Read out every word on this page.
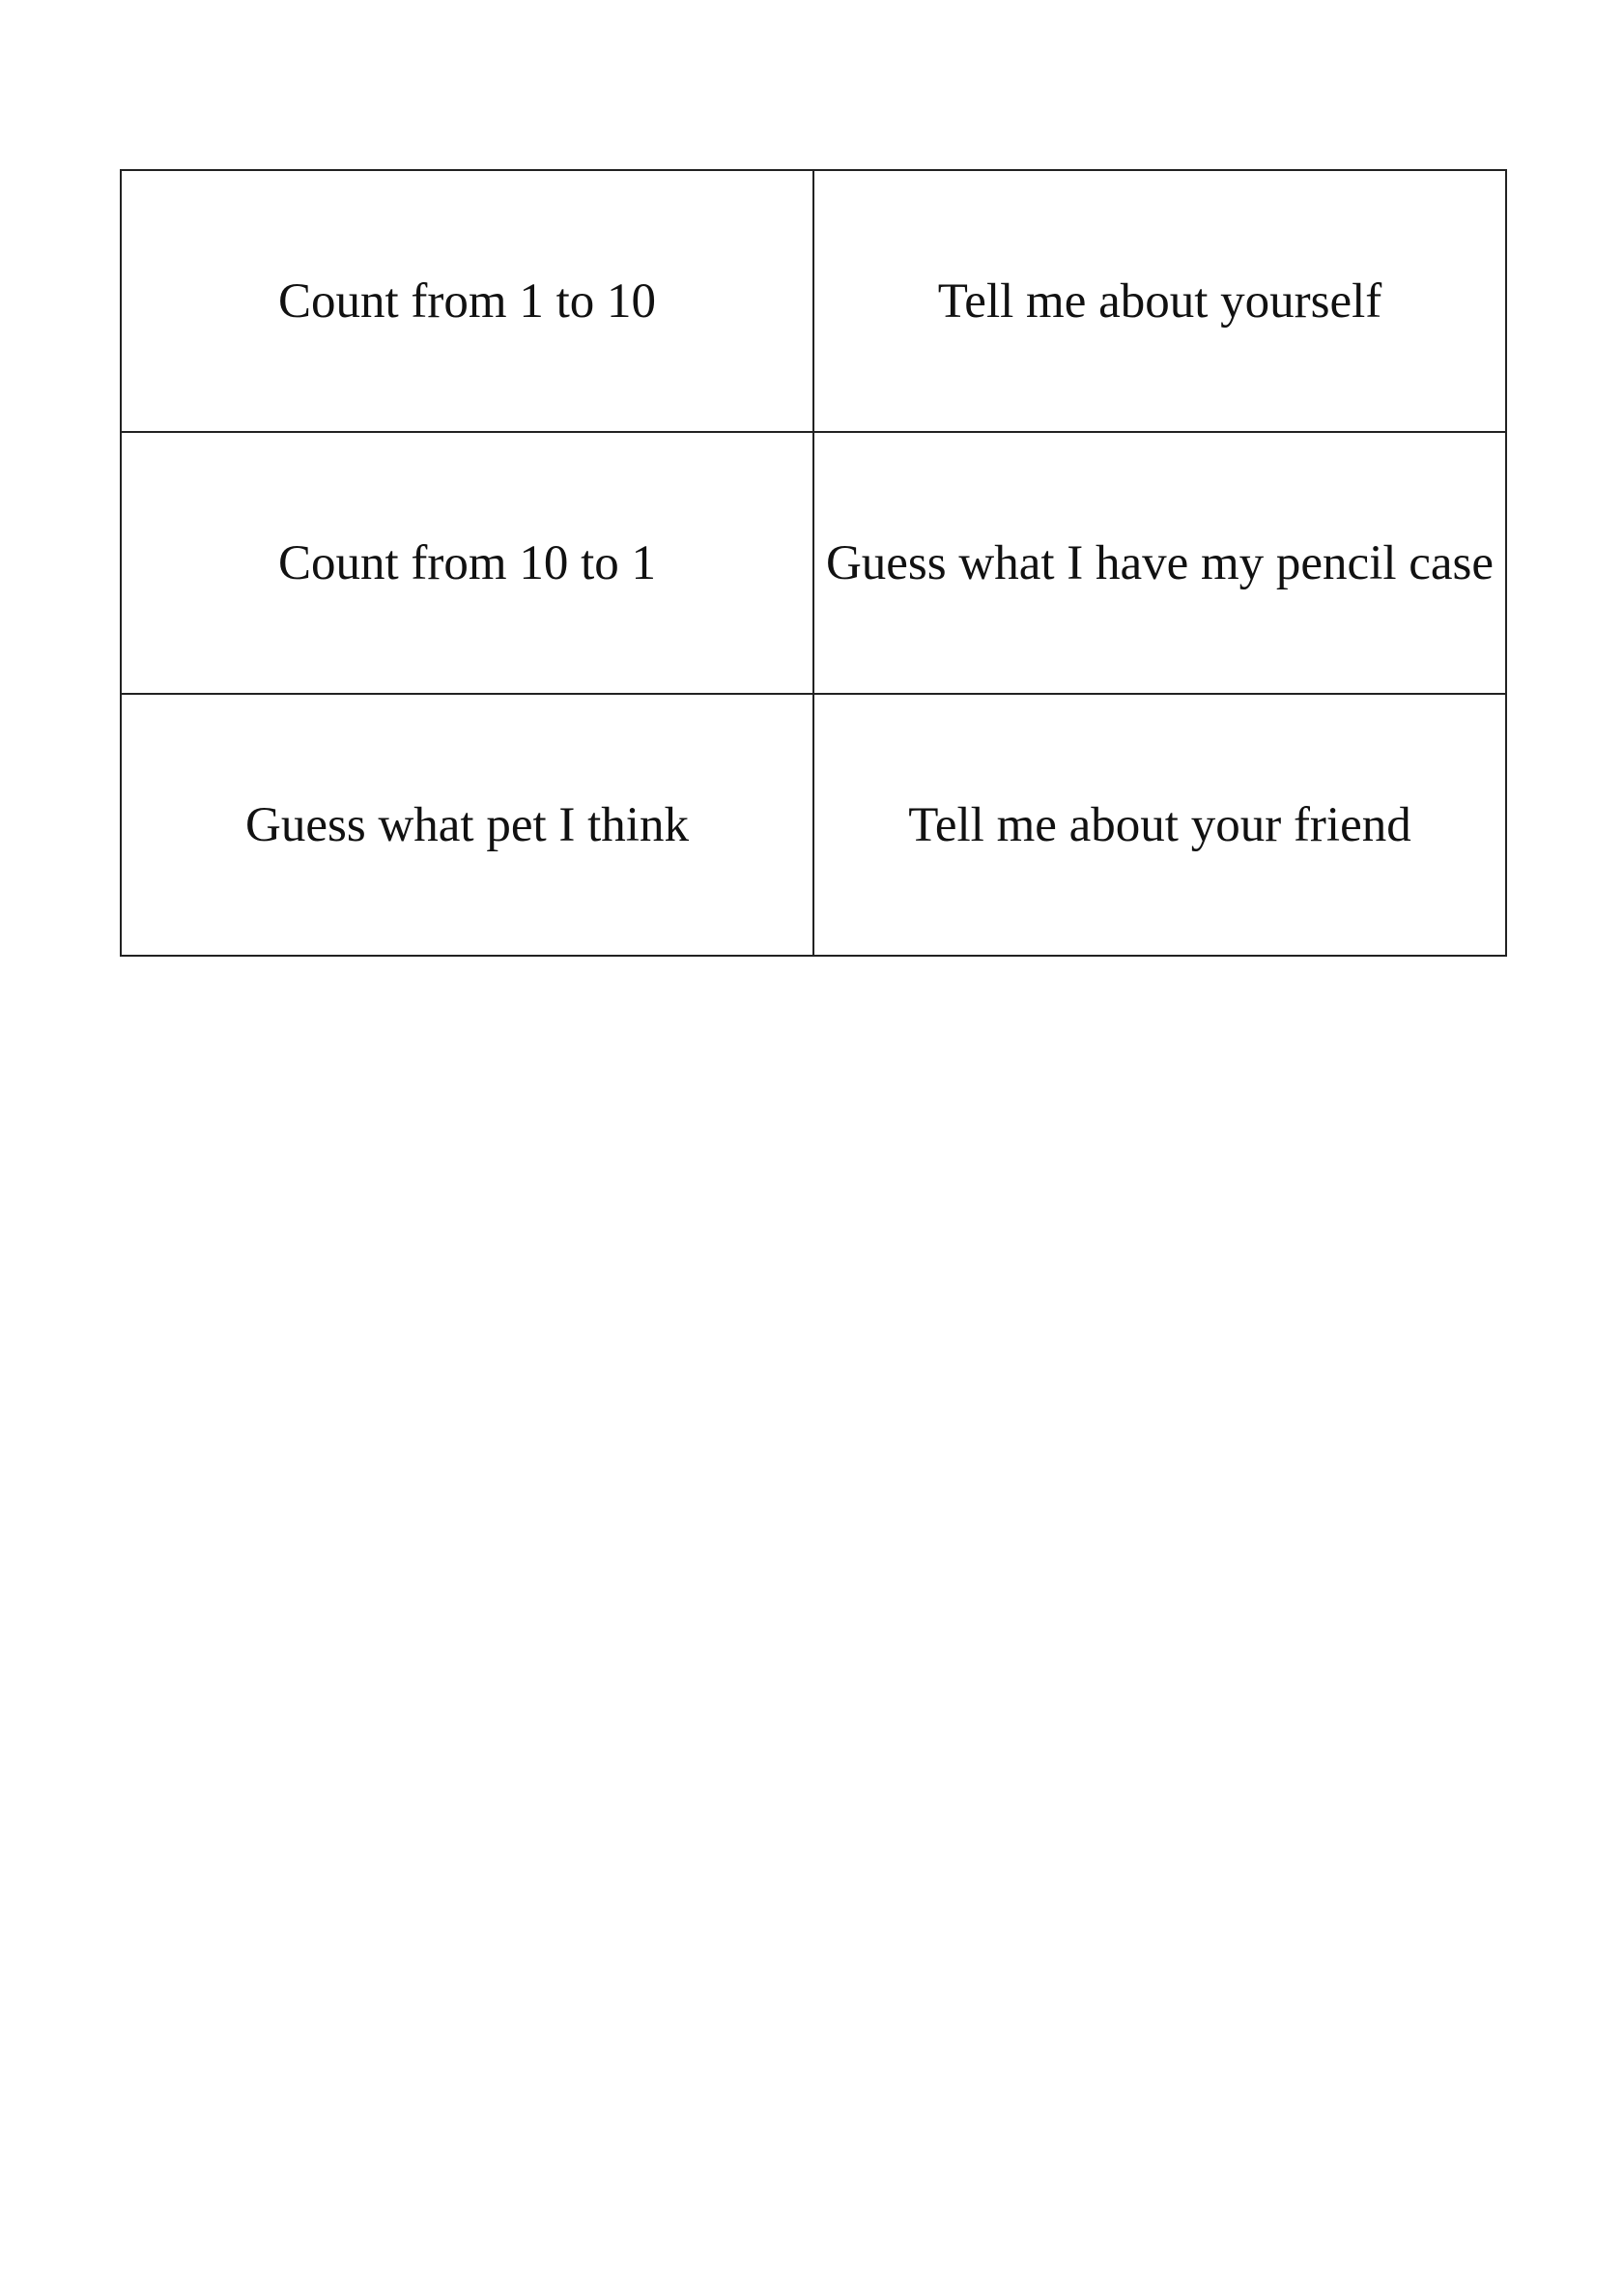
Count from 1 to 10	Tell me about yourself
Count from 10 to 1	Guess what I have my pencil case
Guess what pet I think	Tell me about your friend
